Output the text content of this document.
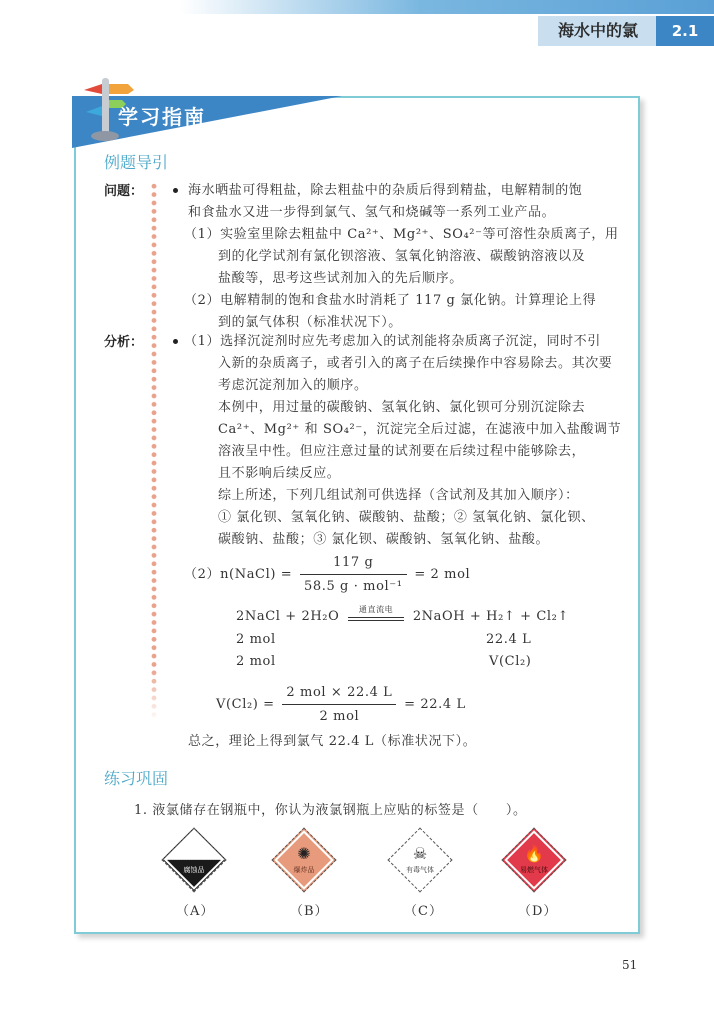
海水中的氯	2.1
学习指南
例题导引
问题：
分析：
海水晒盐可得粗盐，除去粗盐中的杂质后得到精盐，电解精制的饱
和食盐水又进一步得到氯气、氢气和烧碱等一系列工业产品。
（1）实验室里除去粗盐中 Ca²⁺、Mg²⁺、SO₄²⁻等可溶性杂质离子，用
到的化学试剂有氯化钡溶液、氢氧化钠溶液、碳酸钠溶液以及
盐酸等，思考这些试剂加入的先后顺序。
（2）电解精制的饱和食盐水时消耗了 117 g 氯化钠。计算理论上得
到的氯气体积（标准状况下）。
（1）选择沉淀剂时应先考虑加入的试剂能将杂质离子沉淀，同时不引
入新的杂质离子，或者引入的离子在后续操作中容易除去。其次要
考虑沉淀剂加入的顺序。
本例中，用过量的碳酸钠、氢氧化钠、氯化钡可分别沉淀除去
Ca²⁺、Mg²⁺ 和 SO₄²⁻，沉淀完全后过滤，在滤液中加入盐酸调节
溶液呈中性。但应注意过量的试剂要在后续过程中能够除去，
且不影响后续反应。
综上所述，下列几组试剂可供选择（含试剂及其加入顺序）：
① 氯化钡、氢氧化钠、碳酸钠、盐酸；② 氢氧化钠、氯化钡、
碳酸钠、盐酸；③ 氯化钡、碳酸钠、氢氧化钠、盐酸。
（2）n(NaCl) = $\frac{117 g}{\text{58.5 g · mol⁻¹}} = 2$ mol
2NaCl + 2H₂O	通直流电	2NaOH + H₂↑ + Cl₂↑
2 mol	22.4 L
2 mol	V(Cl₂)
$V(Cl_2) = \frac{\text{2 mol × 22.4 L}}{\text{2 mol}} = 22.4$ L
总之，理论上得到氯气 22.4 L（标准状况下）。
练习巩固
1. 液氯储存在钢瓶中，你认为液氯钢瓶上应贴的标签是（　　）。
腐蚀品
✺
爆炸品
☠
有毒气体
🔥
易燃气体
（A）	（B）	（C）	（D）
51
